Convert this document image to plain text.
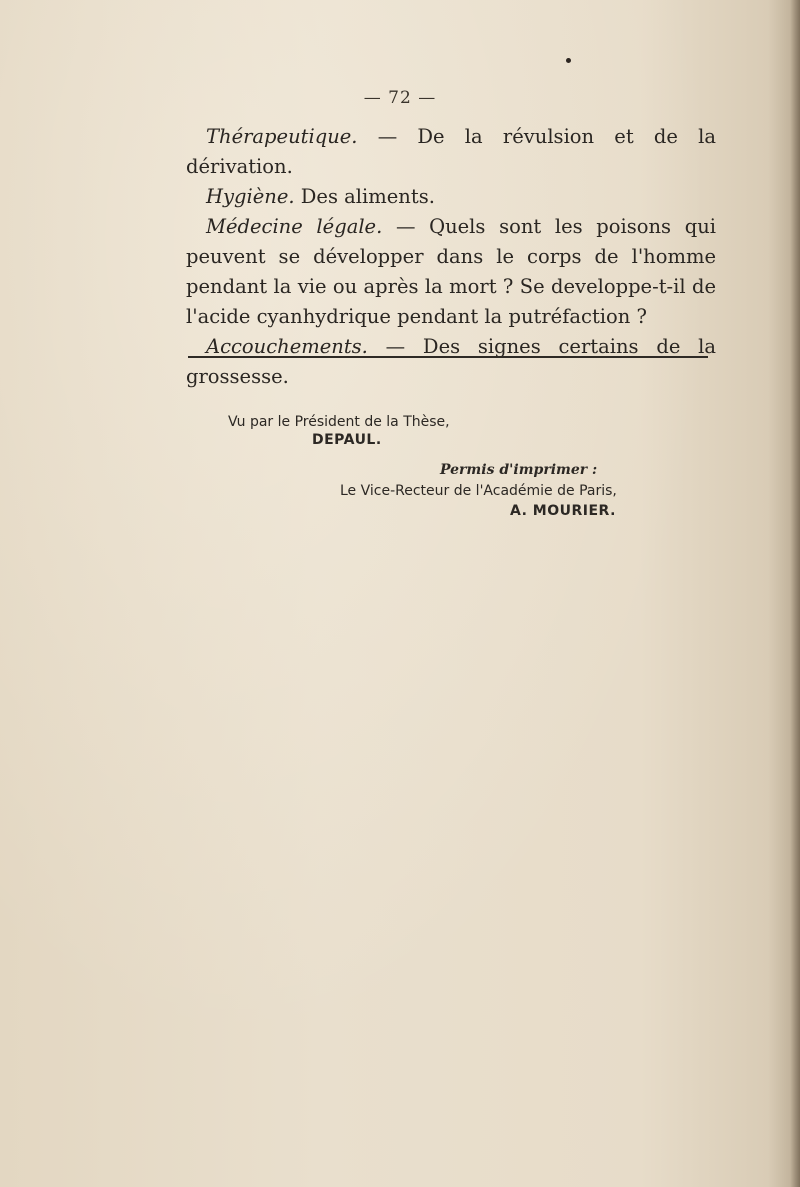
— 72 —

Thérapeutique. — De la révulsion et de la dérivation.

Hygiène. Des aliments.

Médecine légale. — Quels sont les poisons qui peuvent se développer dans le corps de l'homme pendant la vie ou après la mort ? Se developpe-t-il de l'acide cyanhydrique pendant la putréfaction ?

Accouchements. — Des signes certains de la grossesse.

Vu par le Président de la Thèse,
DEPAUL.
Permis d'imprimer :
Le Vice-Recteur de l'Académie de Paris,
A. MOURIER.
